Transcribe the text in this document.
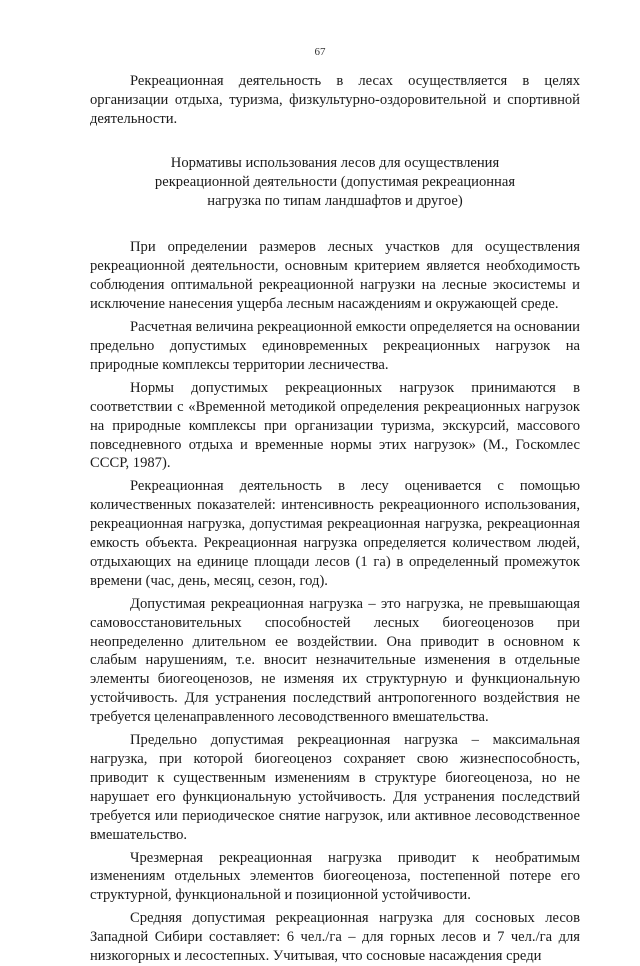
67

Рекреационная деятельность в лесах осуществляется в целях организации отдыха, туризма, физкультурно-оздоровительной и спортивной деятельности.

Нормативы использования лесов для осуществления
рекреационной деятельности (допустимая рекреационная
нагрузка по типам ландшафтов и другое)

При определении размеров лесных участков для осуществления рекреационной деятельности, основным критерием является необходимость соблюдения оптимальной рекреационной нагрузки на лесные экосистемы и исключение нанесения ущерба лесным насаждениям и окружающей среде.

Расчетная величина рекреационной емкости определяется на основании предельно допустимых единовременных рекреационных нагрузок на природные комплексы территории лесничества.

Нормы допустимых рекреационных нагрузок принимаются в соответствии с «Временной методикой определения рекреационных нагрузок на природные комплексы при организации туризма, экскурсий, массового повседневного отдыха и временные нормы этих нагрузок» (М., Госкомлес СССР, 1987).

Рекреационная деятельность в лесу оценивается с помощью количественных показателей: интенсивность рекреационного использования, рекреационная нагрузка, допустимая рекреационная нагрузка, рекреационная емкость объекта. Рекреационная нагрузка определяется количеством людей, отдыхающих на единице площади лесов (1 га) в определенный промежуток времени (час, день, месяц, сезон, год).

Допустимая рекреационная нагрузка – это нагрузка, не превышающая самовосстановительных способностей лесных биогеоценозов при неопределенно длительном ее воздействии. Она приводит в основном к слабым нарушениям, т.е. вносит незначительные изменения в отдельные элементы биогеоценозов, не изменяя их структурную и функциональную устойчивость. Для устранения последствий антропогенного воздействия не требуется целенаправленного лесоводственного вмешательства.

Предельно допустимая рекреационная нагрузка – максимальная нагрузка, при которой биогеоценоз сохраняет свою жизнеспособность, приводит к существенным изменениям в структуре биогеоценоза, но не нарушает его функциональную устойчивость. Для устранения последствий требуется или периодическое снятие нагрузок, или активное лесоводственное вмешательство.

Чрезмерная рекреационная нагрузка приводит к необратимым изменениям отдельных элементов биогеоценоза, постепенной потере его структурной, функциональной и позиционной устойчивости.

Средняя допустимая рекреационная нагрузка для сосновых лесов Западной Сибири составляет: 6 чел./га – для горных лесов и 7 чел./га для низкогорных и лесостепных. Учитывая, что сосновые насаждения среди
